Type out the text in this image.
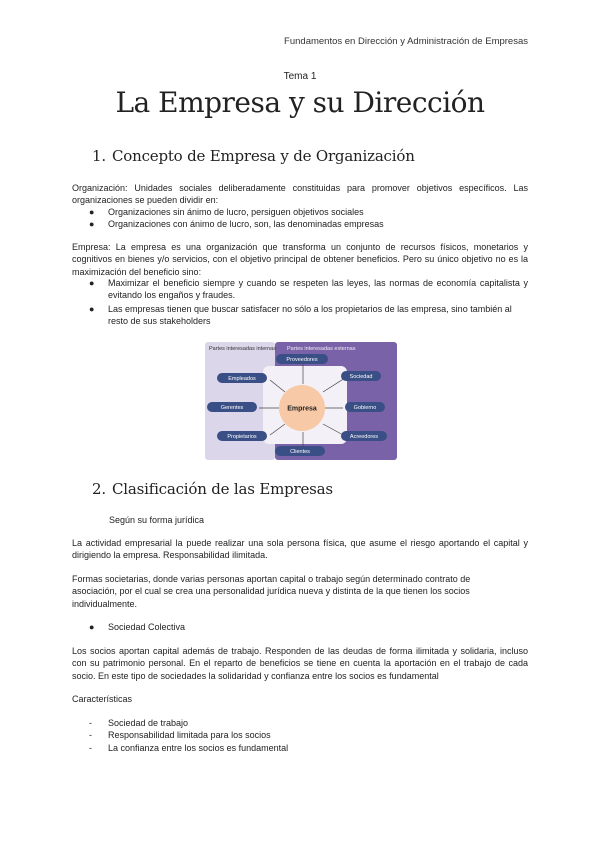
Fundamentos en Dirección y Administración de Empresas
Tema 1
La Empresa y su Dirección
1. Concepto de Empresa y de Organización
Organización: Unidades sociales deliberadamente constituidas para promover objetivos específicos. Las organizaciones se pueden dividir en:
● Organizaciones sin ánimo de lucro, persiguen objetivos sociales
● Organizaciones con ánimo de lucro, son, las denominadas empresas
Empresa: La empresa es una organización que transforma un conjunto de recursos físicos, monetarios y cognitivos en bienes y/o servicios, con el objetivo principal de obtener beneficios. Pero su único objetivo no es la maximización del beneficio sino:
● Maximizar el beneficio siempre y cuando se respeten las leyes, las normas de economía capitalista y evitando los engaños y fraudes.
● Las empresas tienen que buscar satisfacer no sólo a los propietarios de las empresa, sino también al resto de sus stakeholders
Partes interesadas internas Partes interesadas externas
Empresa
Empleados
Gerentes
Propietarios
Proveedores
Sociedad
Gobierno
Acreedores
Clientes
2. Clasificación de las Empresas
Según su forma jurídica
La actividad empresarial la puede realizar una sola persona física, que asume el riesgo aportando el capital y dirigiendo la empresa. Responsabilidad ilimitada.
Formas societarias, donde varias personas aportan capital o trabajo según determinado contrato de asociación, por el cual se crea una personalidad jurídica nueva y distinta de la que tienen los socios individualmente.
● Sociedad Colectiva
Los socios aportan capital además de trabajo. Responden de las deudas de forma ilimitada y solidaria, incluso con su patrimonio personal. En el reparto de beneficios se tiene en cuenta la aportación en el trabajo de cada socio. En este tipo de sociedades la solidaridad y confianza entre los socios es fundamental
Características
- Sociedad de trabajo
- Responsabilidad limitada para los socios
- La confianza entre los socios es fundamental
